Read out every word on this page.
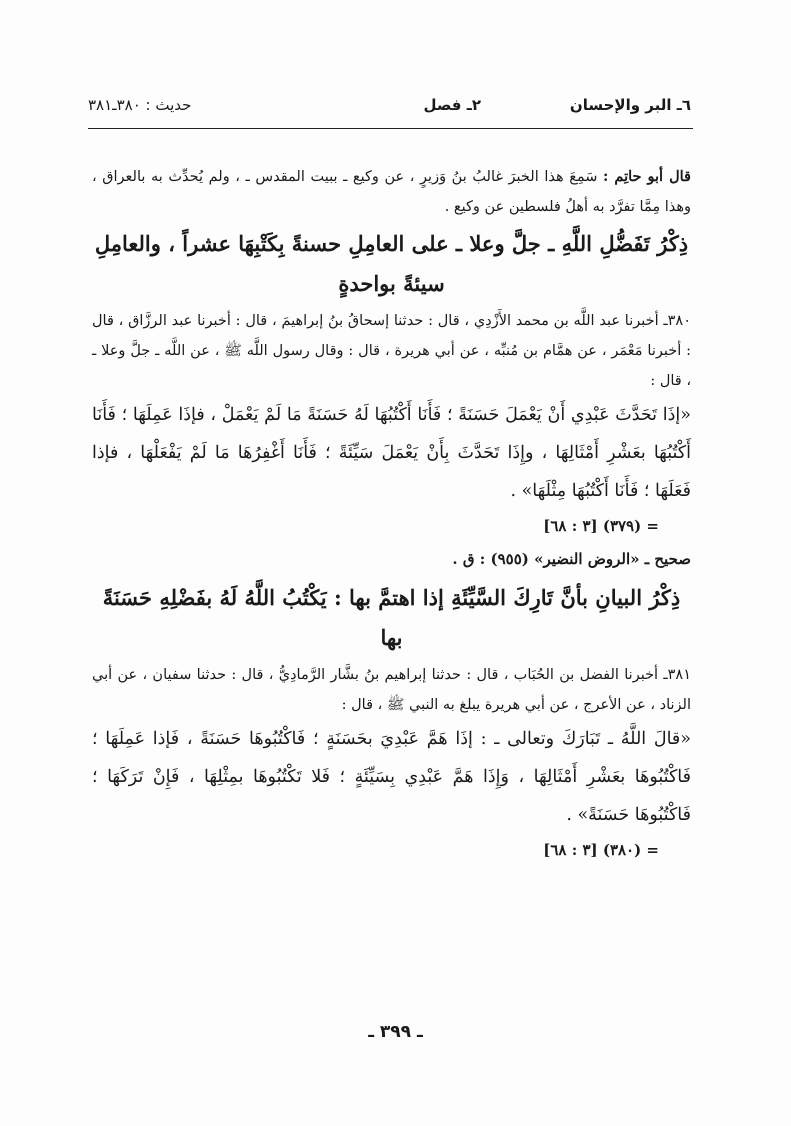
٦ـ البر والإحسان
٢ـ فصل
حديث : ٣٨٠ـ٣٨١

قال أبو حاتِم : سَمِعَ هذا الخبرَ غالبُ بنُ وَزيرٍ ، عن وكيع ـ ببيت المقدس ـ ، ولم يُحدِّث به بالعراق ، وهذا مِمَّا تفرَّد به أهلُ فلسطين عن وكيع .

ذِكْرُ تَفَضُّلِ اللَّهِ ـ جلَّ وعلا ـ على العامِلِ حسنةً بِكَتْبِهَا عشراً ، والعامِلِ سيئةً بواحدةٍ

٣٨٠ـ أخبرنا عبد اللَّه بن محمد الأَزْدِي ، قال : حدثنا إسحاقُ بنُ إبراهيمَ ، قال : أخبرنا عبد الرزَّاق ، قال : أخبرنا مَعْمَر ، عن همَّام بن مُنبِّه ، عن أبي هريرة ، قال : وقال رسول اللَّه ﷺ ، عن اللَّه ـ جلَّ وعلا ـ ، قال :

«إذَا تَحَدَّثَ عَبْدِي أَنْ يَعْمَلَ حَسَنَةً ؛ فَأَنَا أَكْتُبُهَا لَهُ حَسَنَةً مَا لَمْ يَعْمَلْ ، فإذَا عَمِلَهَا ؛ فَأَنَا أَكْتُبُهَا بعَشْرِ أَمْثَالِهَا ، وإِذَا تَحَدَّثَ بِأَنْ يَعْمَلَ سَيِّئَةً ؛ فَأَنَا أَغْفِرُهَا مَا لَمْ يَفْعَلْهَا ، فإذا فَعَلَهَا ؛ فَأَنَا أَكْتُبُهَا مِثْلَهَا» .

= (٣٧٩) [٣ : ٦٨]

صحيح ـ «الروض النضير» (٩٥٥) : ق .

ذِكْرُ البيانِ بأنَّ تَارِكَ السَّيِّئَةِ إذا اهتمَّ بها : يَكْتُبُ اللَّهُ لَهُ بفَضْلِهِ حَسَنَةً بها

٣٨١ـ أخبرنا الفضل بن الحُبَاب ، قال : حدثنا إبراهيم بنُ بشَّار الرَّمادِيُّ ، قال : حدثنا سفيان ، عن أبي الزناد ، عن الأعرج ، عن أبي هريرة يبلغ به النبي ﷺ ، قال :

«قالَ اللَّهُ ـ تَبَارَكَ وتعالى ـ : إذَا هَمَّ عَبْدِيَ بحَسَنَةٍ ؛ فَاكْتُبُوهَا حَسَنَةً ، فَإذا عَمِلَهَا ؛ فَاكْتُبُوهَا بعَشْرِ أَمْثَالِهَا ، وَإِذَا هَمَّ عَبْدِي بِسَيِّئَةٍ ؛ فَلا تَكْتُبُوهَا بمِثْلِهَا ، فَإِنْ تَرَكَهَا ؛ فَاكْتُبُوهَا حَسَنَةً» .

= (٣٨٠) [٣ : ٦٨]

ـ ٣٩٩ ـ
